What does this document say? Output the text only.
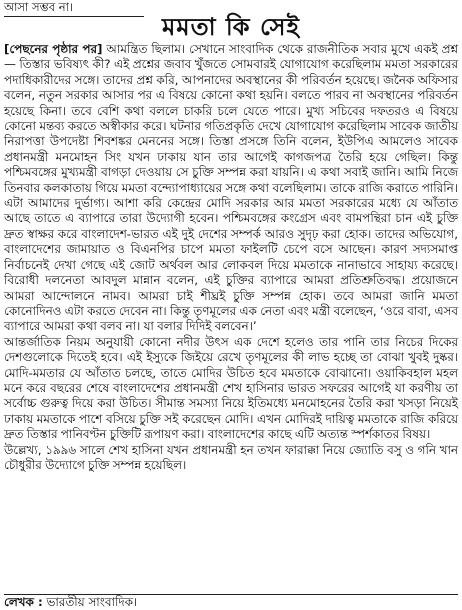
আসা সম্ভব না।
মমতা কি সেই

[পেছনের পৃষ্ঠার পর] আমন্ত্রিত ছিলাম। সেখানে সাংবাদিক থেকে রাজনীতিক সবার মুখে একই প্রশ্ন— তিস্তার ভবিষ্যৎ কী? এই প্রশ্নের জবাব খুঁজতে সোমবারই যোগাযোগ করেছিলাম মমতা সরকারের পদাধিকারীদের সঙ্গে। তাদের প্রশ্ন করি, আপনাদের অবস্থানের কী পরিবর্তন হয়েছে। জনৈক অফিসার বলেন, নতুন সরকার আসার পর এ বিষয়ে কোনো কথা হয়নি। বলতে পারব না অবস্থানের পরিবর্তন হয়েছে কিনা। তবে বেশি কথা বললে চাকরি চলে যেতে পারে। মুখ্য সচিবের দফতরও এ বিষয়ে কোনো মন্তব্য করতে অস্বীকার করে। ঘটনার গতিপ্রকৃতি দেখে যোগাযোগ করেছিলাম সাবেক জাতীয় নিরাপত্তা উপদেষ্টা শিবশঙ্কর মেননের সঙ্গে। তিস্তা প্রসঙ্গে তিনি বলেন, ইউপিএ আমলেও সাবেক প্রধানমন্ত্রী মনমোহন সিং যখন ঢাকায় যান তার আগেই কাগজপত্র তৈরি হয়ে গেছিল। কিন্তু পশ্চিমবঙ্গের মুখ্যমন্ত্রী বাগড়া দেওয়ায় সে চুক্তি সম্পন্ন করা যায়নি। এ কথা সবাই জানি। আমি নিজে তিনবার কলকাতায় গিয়ে মমতা বন্দ্যোপাধ্যায়ের সঙ্গে কথা বলেছিলাম। তাকে রাজি করাতে পারিনি। এটা আমাদের দুর্ভাগ্য। আশা করি কেন্দ্রের মোদি সরকার আর মমতা সরকারের মধ্যে যে আঁতাত আছে তাতে এ ব্যাপারে তারা উদ্যোগী হবেন। পশ্চিমবঙ্গের কংগ্রেস এবং বামপন্থিরা চান এই চুক্তি দ্রুত স্বাক্ষর করে বাংলাদেশ-ভারত এই দুই দেশের সম্পর্ক আরও সুদৃঢ় করা হোক। তাদের অভিযোগ, বাংলাদেশের জামায়াত ও বিএনপির চাপে মমতা ফাইলটি চেপে বসে আছেন। কারণ সদ্যসমাপ্ত নির্বাচনেই দেখা গেছে এই জোট অর্থবল আর লোকবল দিয়ে মমতাকে নানাভাবে সাহায্য করেছে। বিরোধী দলনেতা আবদুল মান্নান বলেন, এই চুক্তির ব্যাপারে আমরা প্রতিশ্রুতিবদ্ধ। প্রয়োজনে আমরা আন্দোলনে নামব। আমরা চাই শীঘ্রই চুক্তি সম্পন্ন হোক। তবে আমরা জানি মমতা কোনোদিনও এটা করতে দেবেন না। কিন্তু তৃণমূলের এক নেতা এবং মন্ত্রী বলেছেন, ‘ওরে বাবা, এসব ব্যাপারে আমরা কথা বলব না। যা বলার দিদিই বলবেন।’

আন্তর্জাতিক নিয়ম অনুযায়ী কোনো নদীর উৎস এক দেশে হলেও তার পানি তার নিচের দিকের দেশগুলোকে দিতেই হবে। এই ইস্যুকে জিইয়ে রেখে তৃণমূলের কী লাভ হচ্ছে তা বোঝা খুবই দুষ্কর। মোদি-মমতার যে আঁতাত চলছে, তাতে মোদির উচিত হবে মমতাকে বোঝানো। ওয়াকিবহাল মহল মনে করে বছরের শেষে বাংলাদেশের প্রধানমন্ত্রী শেখ হাসিনার ভারত সফরের আগেই যা করণীয় তা সর্বোচ্চ গুরুত্ব দিয়ে করা উচিত। সীমান্ত সমস্যা নিয়ে ইতিমধ্যে মনমোহনের তৈরি করা খসড়া নিয়েই ঢাকায় মমতাকে পাশে বসিয়ে চুক্তি সই করেছেন মোদি। এখন মোদিরই দায়িত্ব মমতাকে রাজি করিয়ে দ্রুত তিস্তার পানিবণ্টন চুক্তিটি রূপায়ণ করা। বাংলাদেশের কাছে এটি অত্যন্ত স্পর্শকাতর বিষয়।

উল্লেখ্য, ১৯৯৬ সালে শেখ হাসিনা যখন প্রধানমন্ত্রী হন তখন ফারাক্কা নিয়ে জ্যোতি বসু ও গনি খান চৌধুরীর উদ্যোগে চুক্তি সম্পন্ন হয়েছিল।

লেখক : ভারতীয় সাংবাদিক।
